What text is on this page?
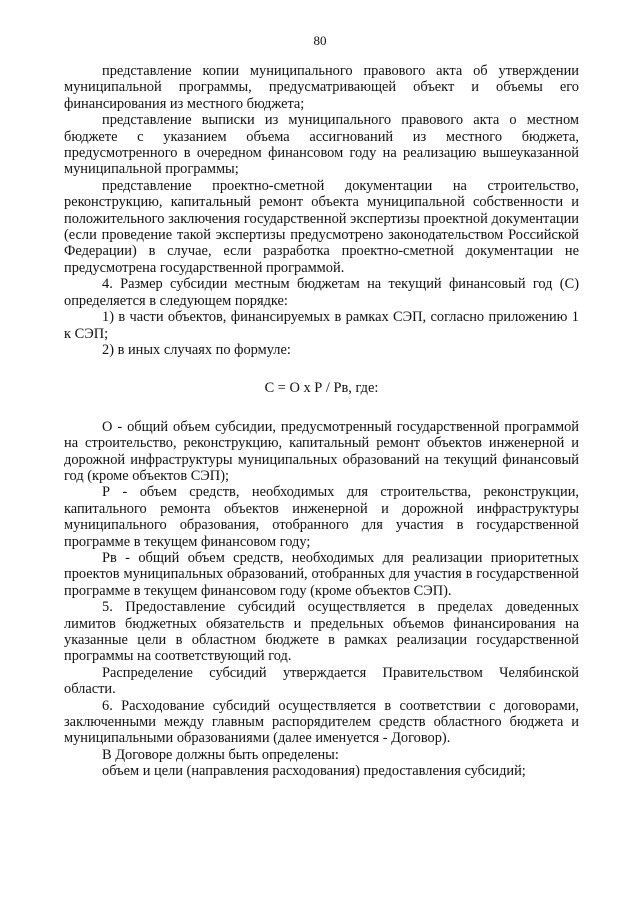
80

представление копии муниципального правового акта об утверждении муниципальной программы, предусматривающей объект и объемы его финансирования из местного бюджета;

представление выписки из муниципального правового акта о местном бюджете с указанием объема ассигнований из местного бюджета, предусмотренного в очередном финансовом году на реализацию вышеуказанной муниципальной программы;

представление проектно-сметной документации на строительство, реконструкцию, капитальный ремонт объекта муниципальной собственности и положительного заключения государственной экспертизы проектной документации (если проведение такой экспертизы предусмотрено законодательством Российской Федерации) в случае, если разработка проектно-сметной документации не предусмотрена государственной программой.

4. Размер субсидии местным бюджетам на текущий финансовый год (С) определяется в следующем порядке:

1) в части объектов, финансируемых в рамках СЭП, согласно приложению 1 к СЭП;

2) в иных случаях по формуле:

С = О х Р / Рв, где:

О - общий объем субсидии, предусмотренный государственной программой на строительство, реконструкцию, капитальный ремонт объектов инженерной и дорожной инфраструктуры муниципальных образований на текущий финансовый год (кроме объектов СЭП);

Р - объем средств, необходимых для строительства, реконструкции, капитального ремонта объектов инженерной и дорожной инфраструктуры муниципального образования, отобранного для участия в государственной программе в текущем финансовом году;

Рв - общий объем средств, необходимых для реализации приоритетных проектов муниципальных образований, отобранных для участия в государственной программе в текущем финансовом году (кроме объектов СЭП).

5. Предоставление субсидий осуществляется в пределах доведенных лимитов бюджетных обязательств и предельных объемов финансирования на указанные цели в областном бюджете в рамках реализации государственной программы на соответствующий год.

Распределение субсидий утверждается Правительством Челябинской области.

6. Расходование субсидий осуществляется в соответствии с договорами, заключенными между главным распорядителем средств областного бюджета и муниципальными образованиями (далее именуется - Договор).

В Договоре должны быть определены:

объем и цели (направления расходования) предоставления субсидий;
